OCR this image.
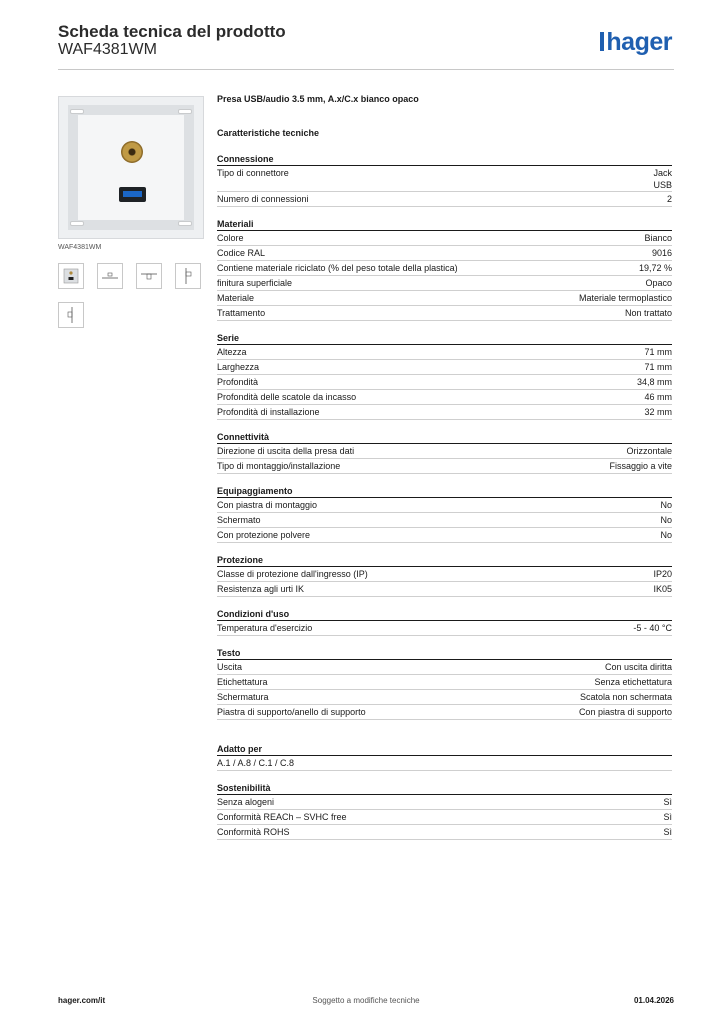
Scheda tecnica del prodotto
WAF4381WM	hager
WAF4381WM
Presa USB/audio 3.5 mm, A.x/C.x bianco opaco
Caratteristiche tecniche
Connessione
Tipo di connettore	Jack
USB
Numero di connessioni	2
Materiali
Colore	Bianco
Codice RAL	9016
Contiene materiale riciclato (% del peso totale della plastica)	19,72 %
finitura superficiale	Opaco
Materiale	Materiale termoplastico
Trattamento	Non trattato
Serie
Altezza	71 mm
Larghezza	71 mm
Profondità	34,8 mm
Profondità delle scatole da incasso	46 mm
Profondità di installazione	32 mm
Connettività
Direzione di uscita della presa dati	Orizzontale
Tipo di montaggio/installazione	Fissaggio a vite
Equipaggiamento
Con piastra di montaggio	No
Schermato	No
Con protezione polvere	No
Protezione
Classe di protezione dall'ingresso (IP)	IP20
Resistenza agli urti IK	IK05
Condizioni d'uso
Temperatura d'esercizio	-5 - 40 °C
Testo
Uscita	Con uscita diritta
Etichettatura	Senza etichettatura
Schermatura	Scatola non schermata
Piastra di supporto/anello di supporto	Con piastra di supporto
Adatto per
A.1 / A.8 / C.1 / C.8
Sostenibilità
Senza alogeni	Sì
Conformità REACh – SVHC free	Sì
Conformità ROHS	Sì
hager.com/it	Soggetto a modifiche tecniche	01.04.2026
